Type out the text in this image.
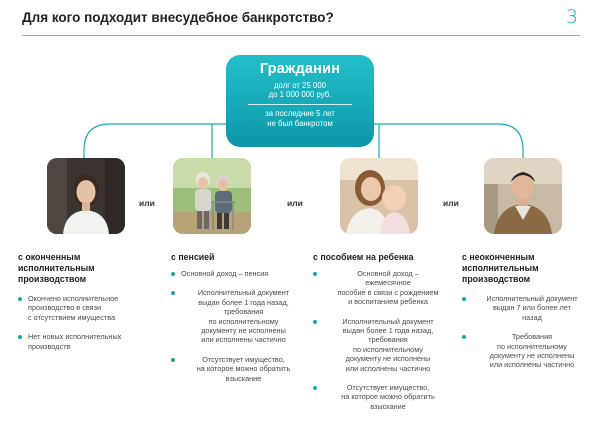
Для кого подходит внесудебное банкротство?	3
Гражданин
долг от 25 000
до 1 000 000 руб.
за последние 5 лет
не был банкротом
или	или	или
с оконченным
исполнительным
производством

Окончено исполнительное

производство в связи

с отсутствием имущества

Нет новых исполнительных

производств

с пенсией

Основной доход – пенсия

Исполнительный документ

выдан более 1 года назад,

требования

по исполнительному

документу не исполнены

или исполнены частично

Отсутствует имущество,

на которое можно обратить

взыскание

с пособием на ребенка

Основной доход –

ежемесячное

пособие в связи с рождением

и воспитанием ребенка

Исполнительный документ

выдан более 1 года назад,

требования

по исполнительному

документу не исполнены

или исполнены частично

Отсутствует имущество,

на которое можно обратить

взыскание

с неоконченным
исполнительным
производством

Исполнительный документ

выдан 7 или более лет

назад

Требования

по исполнительному

документу не исполнены

или исполнены частично
